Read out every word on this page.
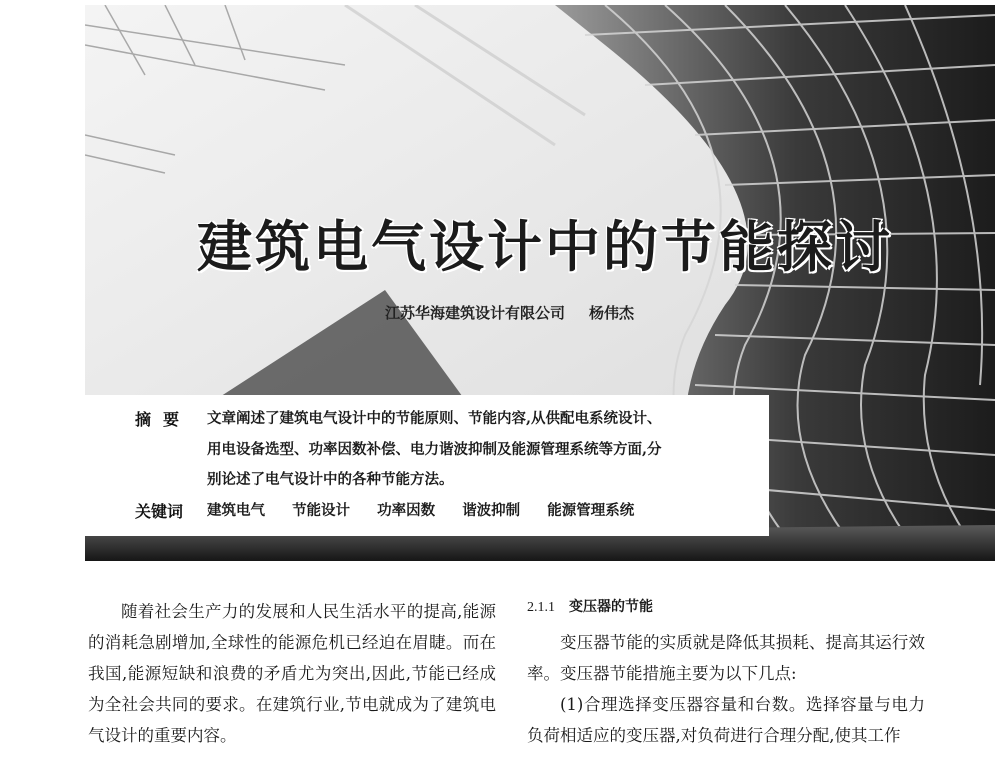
建筑电气设计中的节能探讨
江苏华海建筑设计有限公司 杨伟杰
摘要 文章阐述了建筑电气设计中的节能原则、节能内容,从供配电系统设计、
用电设备选型、功率因数补偿、电力谐波抑制及能源管理系统等方面,分
别论述了电气设计中的各种节能方法。
关键词 建筑电气 节能设计 功率因数 谐波抑制 能源管理系统

随着社会生产力的发展和人民生活水平的提高,能源的消耗急剧增加,全球性的能源危机已经迫在眉睫。而在我国,能源短缺和浪费的矛盾尤为突出,因此,节能已经成为全社会共同的要求。在建筑行业,节电就成为了建筑电气设计的重要内容。

2.1.1 变压器的节能

变压器节能的实质就是降低其损耗、提高其运行效率。变压器节能措施主要为以下几点:

(1)合理选择变压器容量和台数。选择容量与电力负荷相适应的变压器,对负荷进行合理分配,使其工作
